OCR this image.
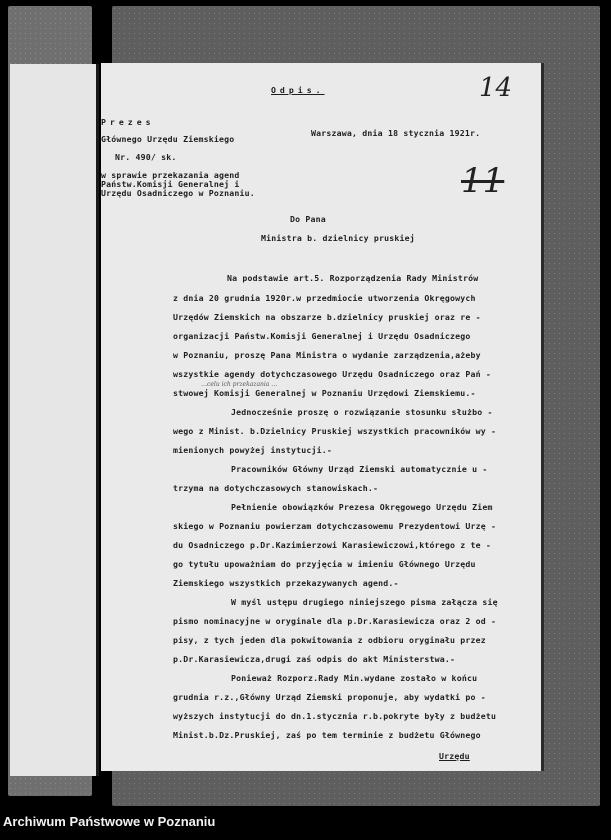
Odpis.	14
11
Prezes
Głównego Urzędu Ziemskiego
Nr. 490/ sk.
w sprawie przekazania agend
Państw.Komisji Generalnej i
Urzędu Osadniczego w Poznaniu.
Warszawa, dnia 18 stycznia 1921r.
Do Pana
Ministra b. dzielnicy pruskiej
Na podstawie art.5. Rozporządzenia Rady Ministrów
z dnia 20 grudnia 1920r.w przedmiocie utworzenia Okręgowych
Urzędów Ziemskich na obszarze b.dzielnicy pruskiej oraz re -
organizacji Państw.Komisji Generalnej i Urzędu Osadniczego
w Poznaniu, proszę Pana Ministra o wydanie zarządzenia,ażeby
wszystkie agendy dotychczasowego Urzędu Osadniczego oraz Pań -
…celu ich przekazania …
stwowej Komisji Generalnej w Poznaniu Urzędowi Ziemskiemu.-
Jednocześnie proszę o rozwiązanie stosunku służbo -
wego z Minist. b.Dzielnicy Pruskiej wszystkich pracowników wy -
mienionych powyżej instytucji.-
Pracowników Główny Urząd Ziemski automatycznie u -
trzyma na dotychczasowych stanowiskach.-
Pełnienie obowiązków Prezesa Okręgowego Urzędu Ziem
skiego w Poznaniu powierzam dotychczasowemu Prezydentowi Urzę -
du Osadniczego p.Dr.Kazimierzowi Karasiewiczowi,którego z te -
go tytułu upoważniam do przyjęcia w imieniu Głównego Urzędu
Ziemskiego wszystkich przekazywanych agend.-
W myśl ustępu drugiego niniejszego pisma załącza się
pismo nominacyjne w oryginale dla p.Dr.Karasiewicza oraz 2 od -
pisy, z tych jeden dla pokwitowania z odbioru oryginału przez
p.Dr.Karasiewicza,drugi zaś odpis do akt Ministerstwa.-
Ponieważ Rozporz.Rady Min.wydane zostało w końcu
grudnia r.z.,Główny Urząd Ziemski proponuje, aby wydatki po -
wyższych instytucji do dn.1.stycznia r.b.pokryte były z budżetu
Minist.b.Dz.Pruskiej, zaś po tem terminie z budżetu Głównego
Urzędu
Archiwum Państwowe w Poznaniu
